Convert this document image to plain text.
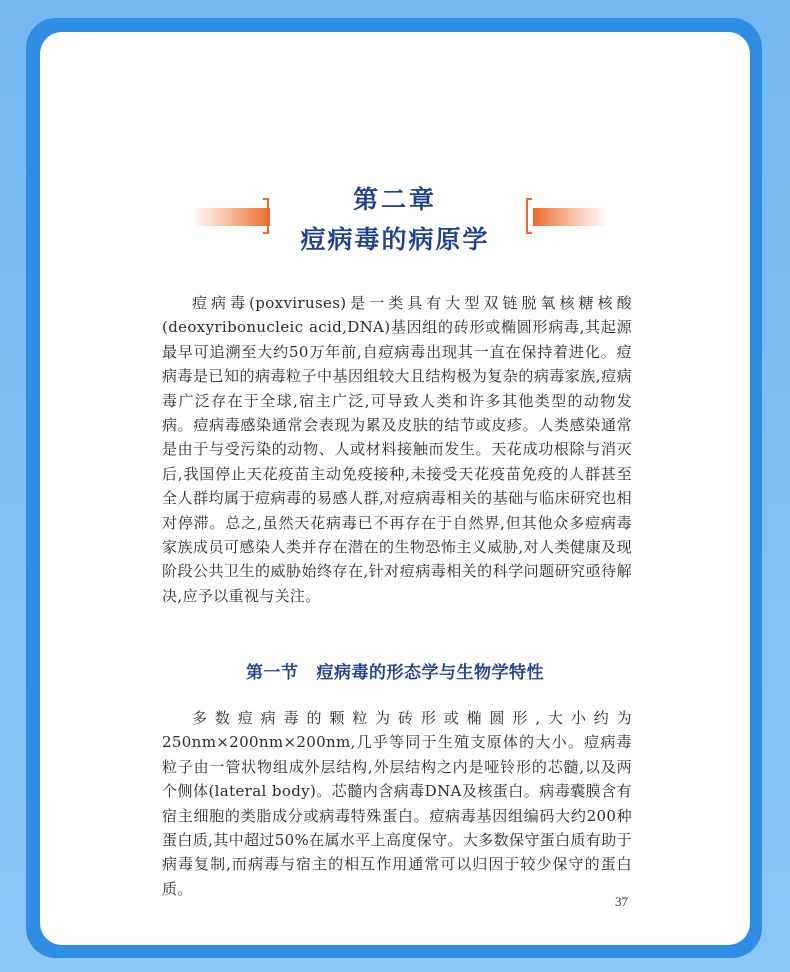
第二章
痘病毒的病原学

痘病毒(poxviruses)是一类具有大型双链脱氧核糖核酸(deoxyribonucleic acid,DNA)基因组的砖形或椭圆形病毒,其起源最早可追溯至大约50万年前,自痘病毒出现其一直在保持着进化。痘病毒是已知的病毒粒子中基因组较大且结构极为复杂的病毒家族,痘病毒广泛存在于全球,宿主广泛,可导致人类和许多其他类型的动物发病。痘病毒感染通常会表现为累及皮肤的结节或皮疹。人类感染通常是由于与受污染的动物、人或材料接触而发生。天花成功根除与消灭后,我国停止天花疫苗主动免疫接种,未接受天花疫苗免疫的人群甚至全人群均属于痘病毒的易感人群,对痘病毒相关的基础与临床研究也相对停滞。总之,虽然天花病毒已不再存在于自然界,但其他众多痘病毒家族成员可感染人类并存在潜在的生物恐怖主义威胁,对人类健康及现阶段公共卫生的威胁始终存在,针对痘病毒相关的科学问题研究亟待解决,应予以重视与关注。

第一节 痘病毒的形态学与生物学特性

多数痘病毒的颗粒为砖形或椭圆形,大小约为250nm×200nm×200nm,几乎等同于生殖支原体的大小。痘病毒粒子由一管状物组成外层结构,外层结构之内是哑铃形的芯髓,以及两个侧体(lateral body)。芯髓内含病毒DNA及核蛋白。病毒囊膜含有宿主细胞的类脂成分或病毒特殊蛋白。痘病毒基因组编码大约200种蛋白质,其中超过50%在属水平上高度保守。大多数保守蛋白质有助于病毒复制,而病毒与宿主的相互作用通常可以归因于较少保守的蛋白质。

37
